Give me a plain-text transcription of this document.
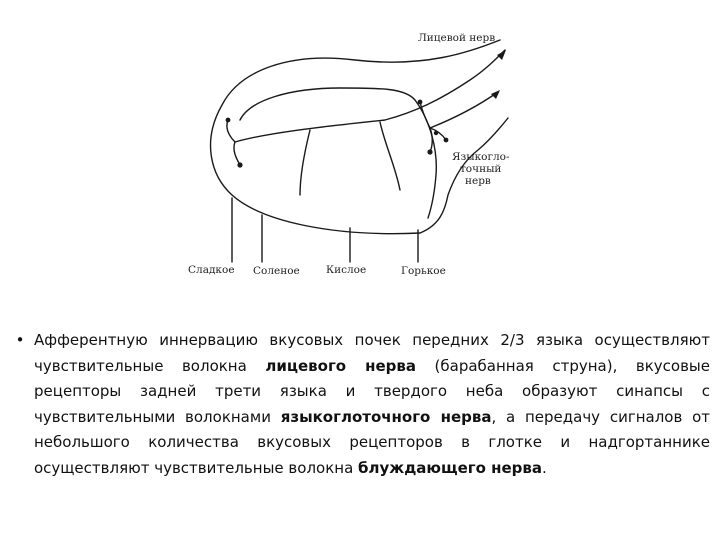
Лицевой нерв
Языкогло-
точный
нерв
Сладкое Соленое Кислое	Горькое
• Афферентную иннервацию вкусовых почек передних 2/3 языка осуществляют чувствительные волокна лицевого нерва (барабанная струна), вкусовые рецепторы задней трети языка и твердого неба образуют синапсы с чувствительными волокнами языкоглоточного нерва, а передачу сигналов от небольшого количества вкусовых рецепторов в глотке и надгортаннике осуществляют чувствительные волокна блуждающего нерва.
